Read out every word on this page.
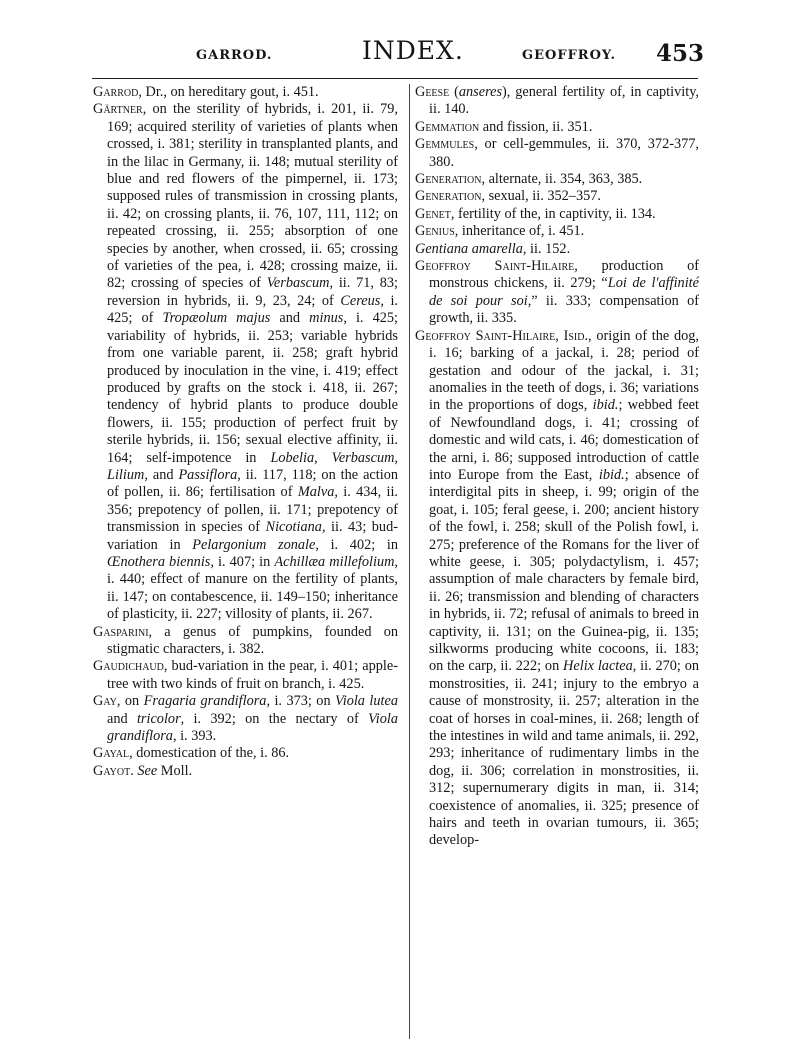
GARROD.	INDEX.	GEOFFROY. 453

Garrod, Dr., on hereditary gout, i. 451.

Gärtner, on the sterility of hybrids, i. 201, ii. 79, 169; acquired sterility of varieties of plants when crossed, i. 381; sterility in transplanted plants, and in the lilac in Germany, ii. 148; mutual sterility of blue and red flowers of the pimpernel, ii. 173; supposed rules of transmission in crossing plants, ii. 42; on crossing plants, ii. 76, 107, 111, 112; on repeated crossing, ii. 255; absorption of one species by another, when crossed, ii. 65; crossing of varieties of the pea, i. 428; crossing maize, ii. 82; crossing of species of Verbascum, ii. 71, 83; reversion in hybrids, ii. 9, 23, 24; of Cereus, i. 425; of Tropæolum majus and minus, i. 425; variability of hybrids, ii. 253; variable hybrids from one variable parent, ii. 258; graft hybrid produced by inoculation in the vine, i. 419; effect produced by grafts on the stock i. 418, ii. 267; tendency of hybrid plants to produce double flowers, ii. 155; production of perfect fruit by sterile hybrids, ii. 156; sexual elective affinity, ii. 164; self-impotence in Lobelia, Verbascum, Lilium, and Passiflora, ii. 117, 118; on the action of pollen, ii. 86; fertilisation of Malva, i. 434, ii. 356; prepotency of pollen, ii. 171; prepotency of transmission in species of Nicotiana, ii. 43; bud-variation in Pelargonium zonale, i. 402; in Œnothera biennis, i. 407; in Achillæa millefolium, i. 440; effect of manure on the fertility of plants, ii. 147; on contabescence, ii. 149–150; inheritance of plasticity, ii. 227; villosity of plants, ii. 267.

Gasparini, a genus of pumpkins, founded on stigmatic characters, i. 382.

Gaudichaud, bud-variation in the pear, i. 401; apple-tree with two kinds of fruit on branch, i. 425.

Gay, on Fragaria grandiflora, i. 373; on Viola lutea and tricolor, i. 392; on the nectary of Viola grandiflora, i. 393.

Gayal, domestication of the, i. 86.

Gayot. See Moll.

Geese (anseres), general fertility of, in captivity, ii. 140.

Gemmation and fission, ii. 351.

Gemmules, or cell-gemmules, ii. 370, 372-377, 380.

Generation, alternate, ii. 354, 363, 385.

Generation, sexual, ii. 352–357.

Genet, fertility of the, in captivity, ii. 134.

Genius, inheritance of, i. 451.

Gentiana amarella, ii. 152.

Geoffroy Saint-Hilaire, production of monstrous chickens, ii. 279; “Loi de l'affinité de soi pour soi,” ii. 333; compensation of growth, ii. 335.

Geoffroy Saint-Hilaire, Isid., origin of the dog, i. 16; barking of a jackal, i. 28; period of gestation and odour of the jackal, i. 31; anomalies in the teeth of dogs, i. 36; variations in the proportions of dogs, ibid.; webbed feet of Newfoundland dogs, i. 41; crossing of domestic and wild cats, i. 46; domestication of the arni, i. 86; supposed introduction of cattle into Europe from the East, ibid.; absence of interdigital pits in sheep, i. 99; origin of the goat, i. 105; feral geese, i. 200; ancient history of the fowl, i. 258; skull of the Polish fowl, i. 275; preference of the Romans for the liver of white geese, i. 305; polydactylism, i. 457; assumption of male characters by female bird, ii. 26; transmission and blending of characters in hybrids, ii. 72; refusal of animals to breed in captivity, ii. 131; on the Guinea-pig, ii. 135; silkworms producing white cocoons, ii. 183; on the carp, ii. 222; on Helix lactea, ii. 270; on monstrosities, ii. 241; injury to the embryo a cause of monstrosity, ii. 257; alteration in the coat of horses in coal-mines, ii. 268; length of the intestines in wild and tame animals, ii. 292, 293; inheritance of rudimentary limbs in the dog, ii. 306; correlation in monstrosities, ii. 312; supernumerary digits in man, ii. 314; coexistence of anomalies, ii. 325; presence of hairs and teeth in ovarian tumours, ii. 365; develop-
